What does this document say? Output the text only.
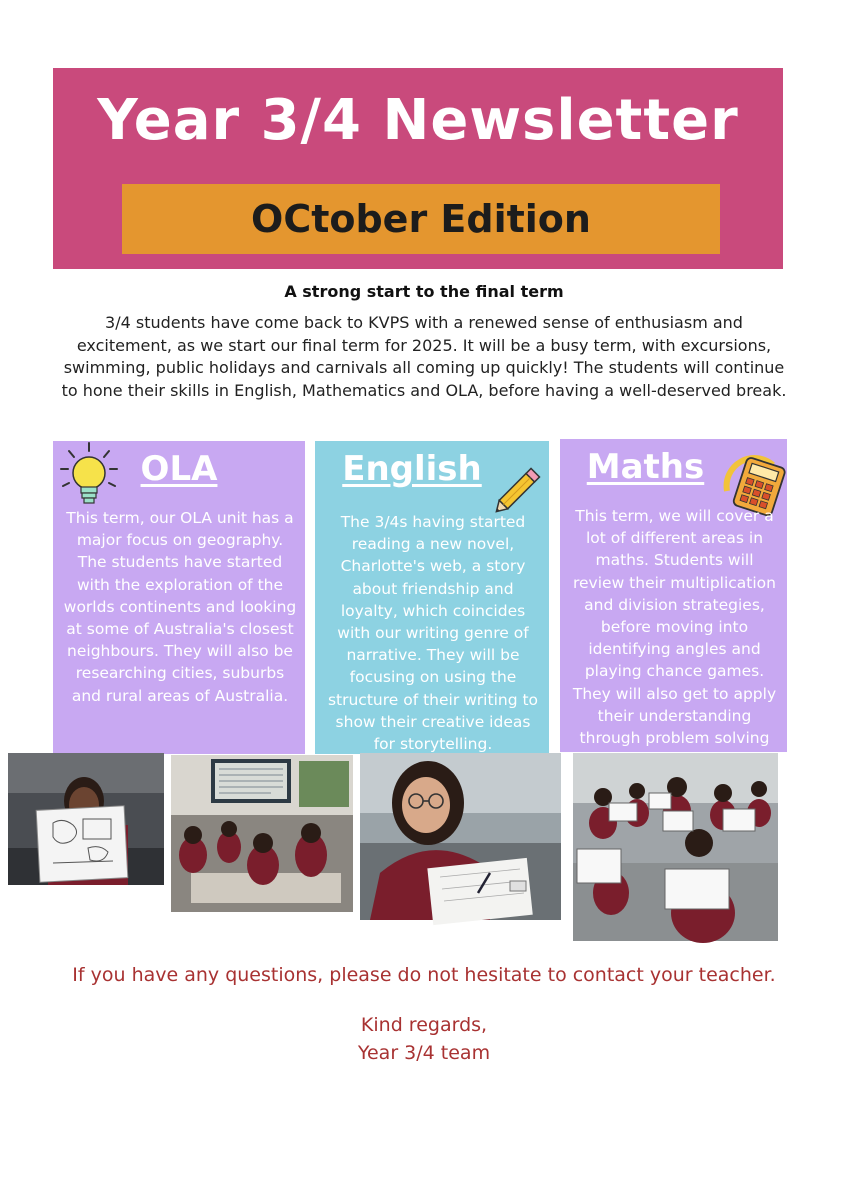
Year 3/4 Newsletter
OCtober Edition
A strong start to the final term
3/4 students have come back to KVPS with a renewed sense of enthusiasm and excitement, as we start our final term for 2025. It will be a busy term, with excursions, swimming, public holidays and carnivals all coming up quickly! The students will continue to hone their skills in English, Mathematics and OLA, before having a well-deserved break.
OLA
This term, our OLA unit has a major focus on geography. The students have started with the exploration of the worlds continents and looking at some of Australia's closest neighbours. They will also be researching cities, suburbs and rural areas of Australia.
English
The 3/4s having started reading a new novel, Charlotte's web, a story about friendship and loyalty, which coincides with our writing genre of narrative. They will be focusing on using the structure of their writing to show their creative ideas for storytelling.
Maths
This term, we will cover a lot of different areas in maths. Students will review their multiplication and division strategies, before moving into identifying angles and playing chance games. They will also get to apply their understanding through problem solving
If you have any questions, please do not hesitate to contact your teacher.
Kind regards,
Year 3/4 team
